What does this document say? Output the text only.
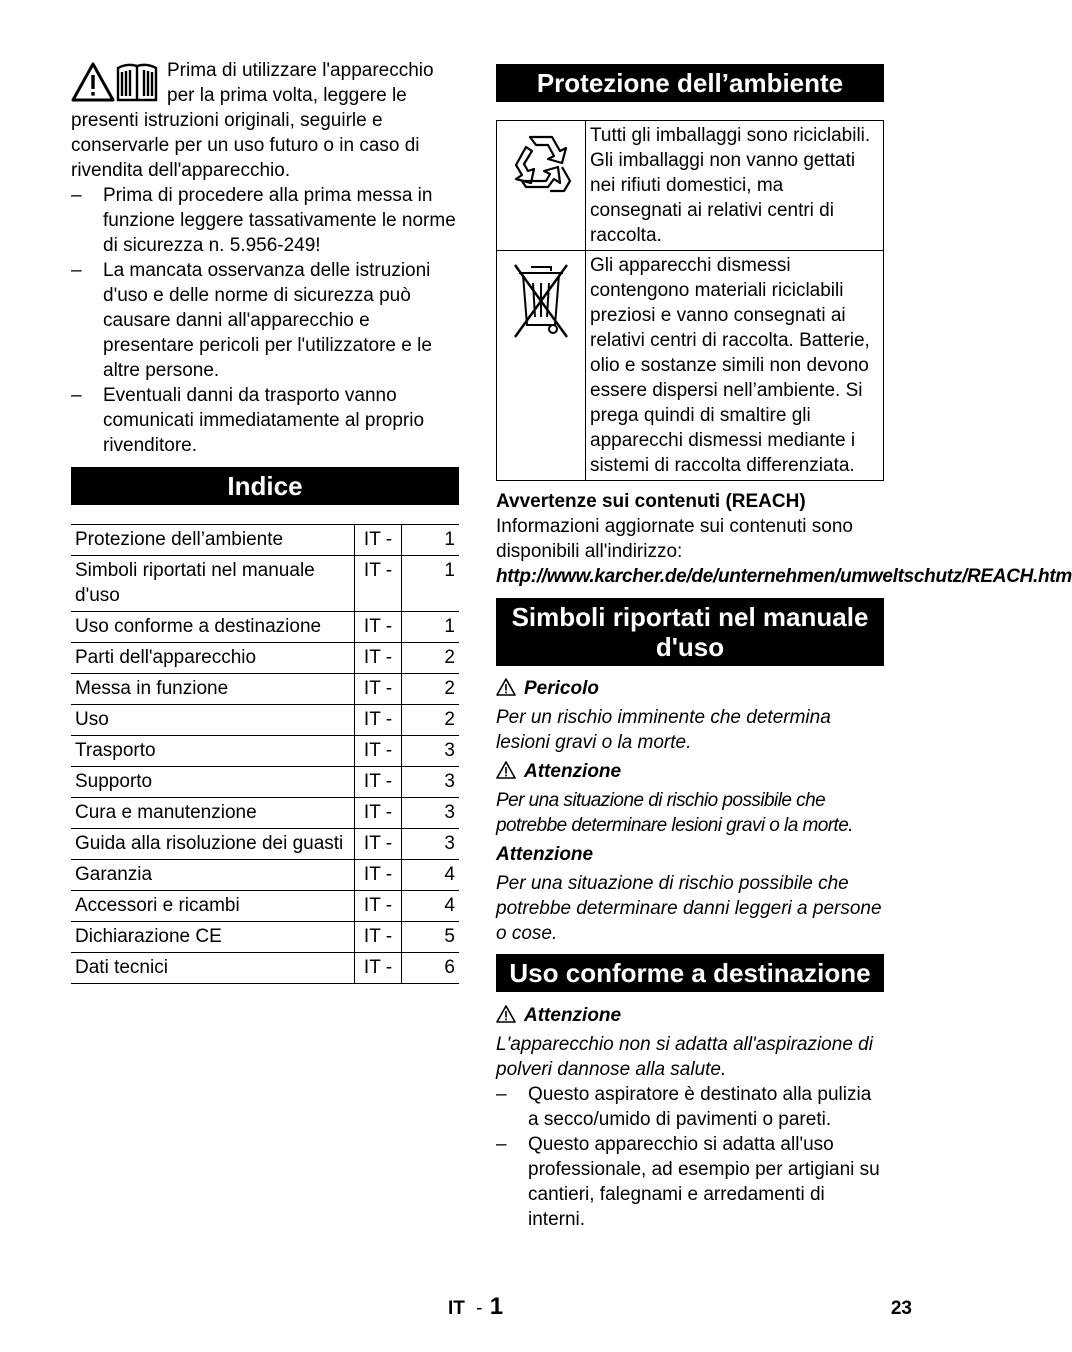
Prima di utilizzare l'apparecchio per la prima volta, leggere le presenti istruzioni originali, seguirle e conservarle per un uso futuro o in caso di rivendita dell'apparecchio.

– Prima di procedere alla prima messa in funzione leggere tassativamente le norme di sicurezza n. 5.956-249!

– La mancata osservanza delle istruzioni d'uso e delle norme di sicurezza può causare danni all'apparecchio e presentare pericoli per l'utilizzatore e le altre persone.

– Eventuali danni da trasporto vanno comunicati immediatamente al proprio rivenditore.

Indice
Protezione dell’ambiente	IT -	1
Simboli riportati nel manuale d'uso	IT -	1
Uso conforme a destinazione	IT -	1
Parti dell'apparecchio	IT -	2
Messa in funzione	IT -	2
Uso	IT -	2
Trasporto	IT -	3
Supporto	IT -	3
Cura e manutenzione	IT -	3
Guida alla risoluzione dei guasti	IT -	3
Garanzia	IT -	4
Accessori e ricambi	IT -	4
Dichiarazione CE	IT -	5
Dati tecnici	IT -	6
Protezione dell’ambiente
	Tutti gli imballaggi sono riciclabili. Gli imballaggi non vanno gettati nei rifiuti domestici, ma consegnati ai relativi centri di raccolta.
	Gli apparecchi dismessi contengono materiali riciclabili preziosi e vanno consegnati ai relativi centri di raccolta. Batterie, olio e sostanze simili non devono essere dispersi nell’ambiente. Si prega quindi di smaltire gli apparecchi dismessi mediante i sistemi di raccolta differenziata.

Avvertenze sui contenuti (REACH)

Informazioni aggiornate sui contenuti sono disponibili all'indirizzo:

http://www.karcher.de/de/unternehmen/umweltschutz/REACH.htm

Simboli riportati nel manuale d'uso

Pericolo

Per un rischio imminente che determina lesioni gravi o la morte.

Attenzione

Per una situazione di rischio possibile che potrebbe determinare lesioni gravi o la morte.

Attenzione

Per una situazione di rischio possibile che potrebbe determinare danni leggeri a persone o cose.

Uso conforme a destinazione

Attenzione

L'apparecchio non si adatta all'aspirazione di polveri dannose alla salute.

– Questo aspiratore è destinato alla pulizia a secco/umido di pavimenti o pareti.

– Questo apparecchio si adatta all'uso professionale, ad esempio per artigiani su cantieri, falegnami e arredamenti di interni.

IT - 1	23
